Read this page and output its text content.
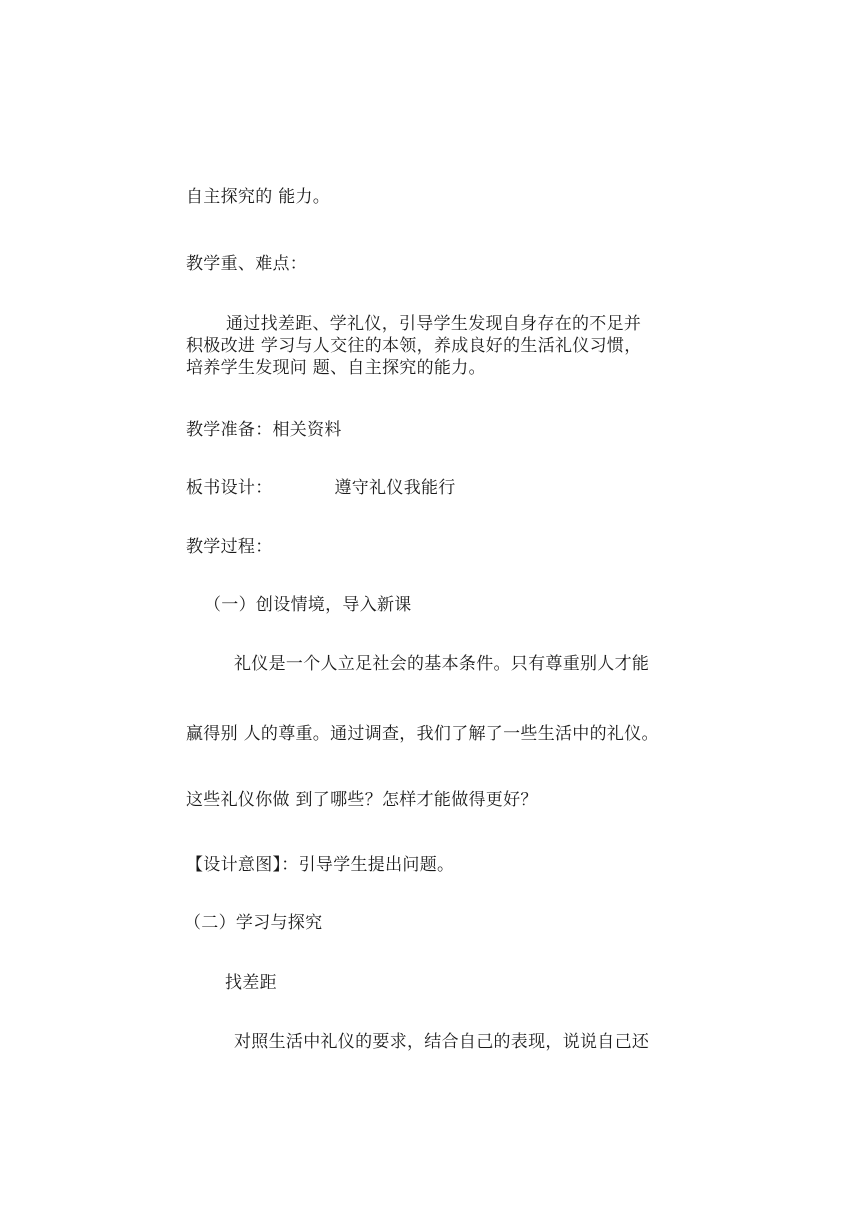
自主探究的 能力。
教学重、难点：
通过找差距、学礼仪，引导学生发现自身存在的不足并
积极改进 学习与人交往的本领，养成良好的生活礼仪习惯，
培养学生发现问 题、自主探究的能力。
教学准备：相关资料
板书设计：	遵守礼仪我能行
教学过程：
（一）创设情境，导入新课
礼仪是一个人立足社会的基本条件。只有尊重别人才能
赢得别 人的尊重。通过调查，我们了解了一些生活中的礼仪。
这些礼仪你做 到了哪些？怎样才能做得更好？
【设计意图】：引导学生提出问题。
（二）学习与探究
找差距
对照生活中礼仪的要求，结合自己的表现，说说自己还
